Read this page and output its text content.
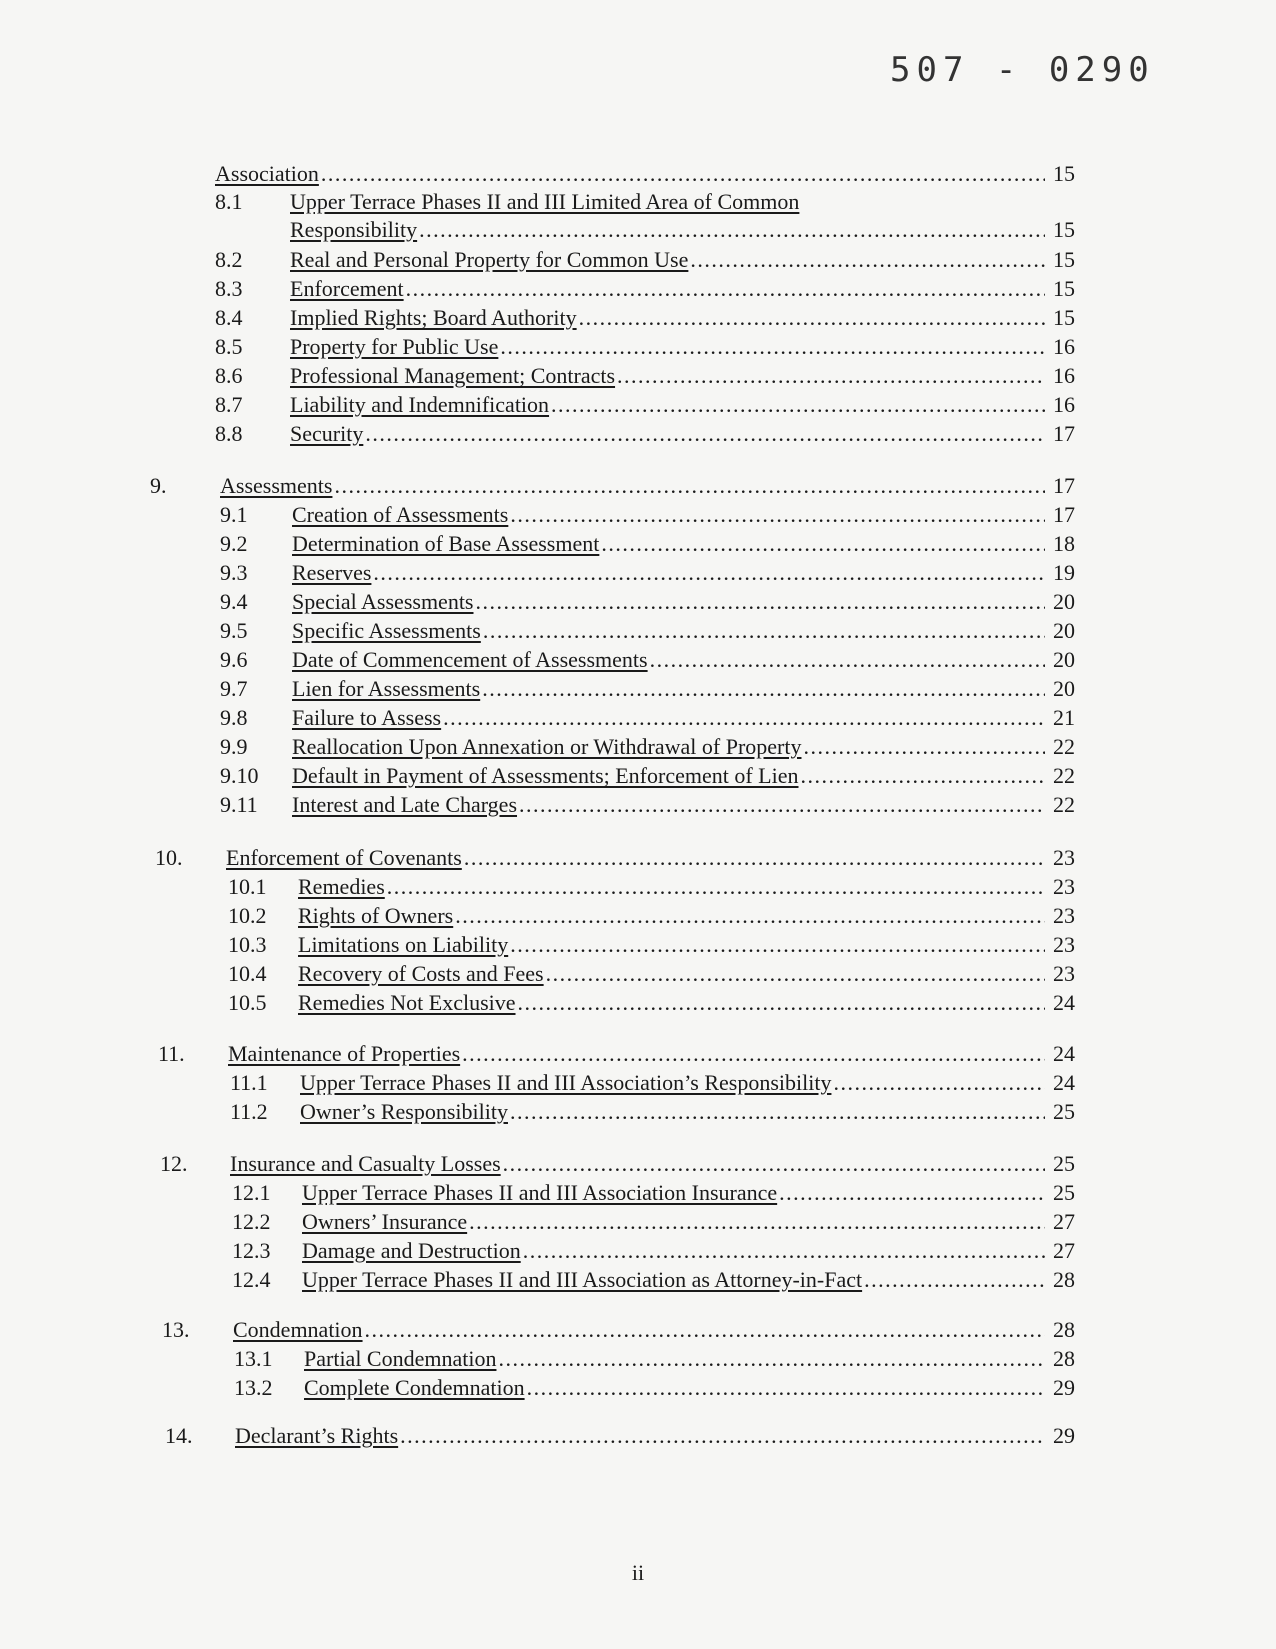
507 - 0290
Association . . .	15
8.1 Upper Terrace Phases II and III Limited Area of Common
Responsibility . . .	15
8.2 Real and Personal Property for Common Use . . .	15
8.3 Enforcement . . .	15
8.4 Implied Rights; Board Authority . . .	15
8.5 Property for Public Use . . .	16
8.6 Professional Management; Contracts . . .	16
8.7 Liability and Indemnification . . .	16
8.8 Security . . .	17
9. Assessments . . .	17
9.1 Creation of Assessments . . .	17
9.2 Determination of Base Assessment . . .	18
9.3 Reserves . . .	19
9.4 Special Assessments . . .	20
9.5 Specific Assessments . . .	20
9.6 Date of Commencement of Assessments . . .	20
9.7 Lien for Assessments . . .	20
9.8 Failure to Assess . . .	21
9.9 Reallocation Upon Annexation or Withdrawal of Property . . .	22
9.10 Default in Payment of Assessments; Enforcement of Lien . . .	22
9.11 Interest and Late Charges . . .	22
10. Enforcement of Covenants . . .	23
10.1 Remedies . . .	23
10.2 Rights of Owners . . .	23
10.3 Limitations on Liability . . .	23
10.4 Recovery of Costs and Fees . . .	23
10.5 Remedies Not Exclusive . . .	24
11. Maintenance of Properties . . .	24
11.1 Upper Terrace Phases II and III Association’s Responsibility . . .	24
11.2 Owner’s Responsibility . . .	25
12. Insurance and Casualty Losses . . .	25
12.1 Upper Terrace Phases II and III Association Insurance . . .	25
12.2 Owners’ Insurance . . .	27
12.3 Damage and Destruction . . .	27
12.4 Upper Terrace Phases II and III Association as Attorney-in-Fact . . .	28
13. Condemnation . . .	28
13.1 Partial Condemnation . . .	28
13.2 Complete Condemnation . . .	29
14. Declarant’s Rights . . .	29
ii
